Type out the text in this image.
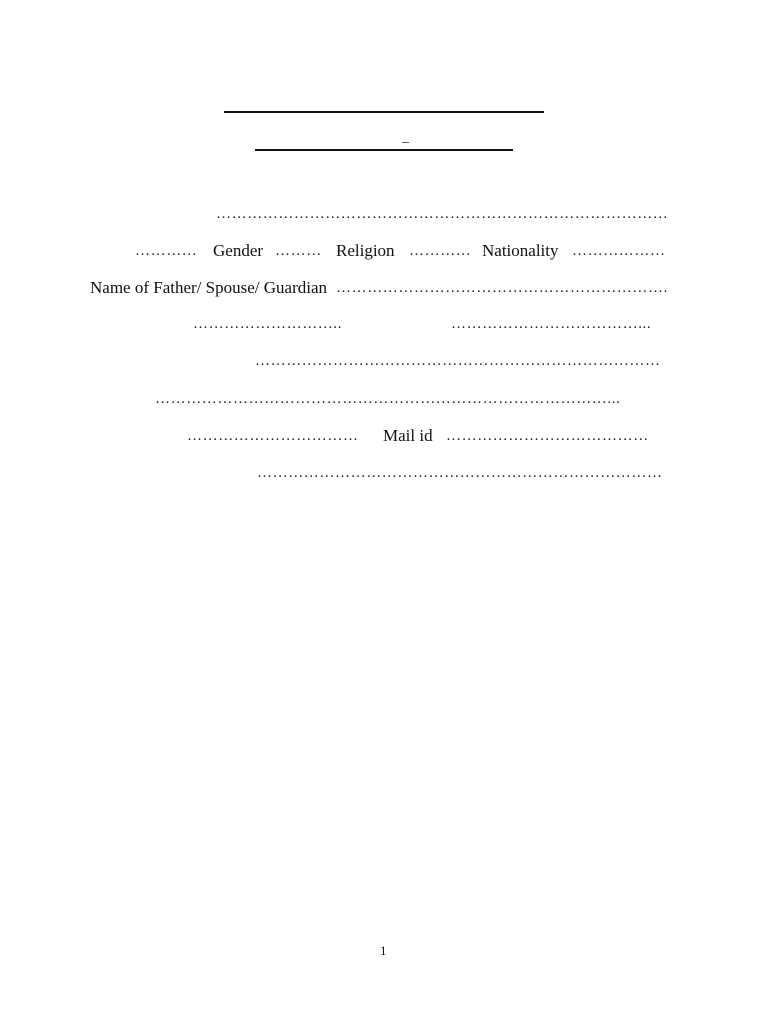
_
……………………………………………………………………………
………… Gender ……… Religion ………… Nationality ………………
Name of Father/ Spouse/ Guardian ……………………………………………………….
………………………..	………………………………...
……………………………………………………………………
……………………………………………………………………………...
……………………………	Mail id …………………………………
……………………………………………………………………
1
